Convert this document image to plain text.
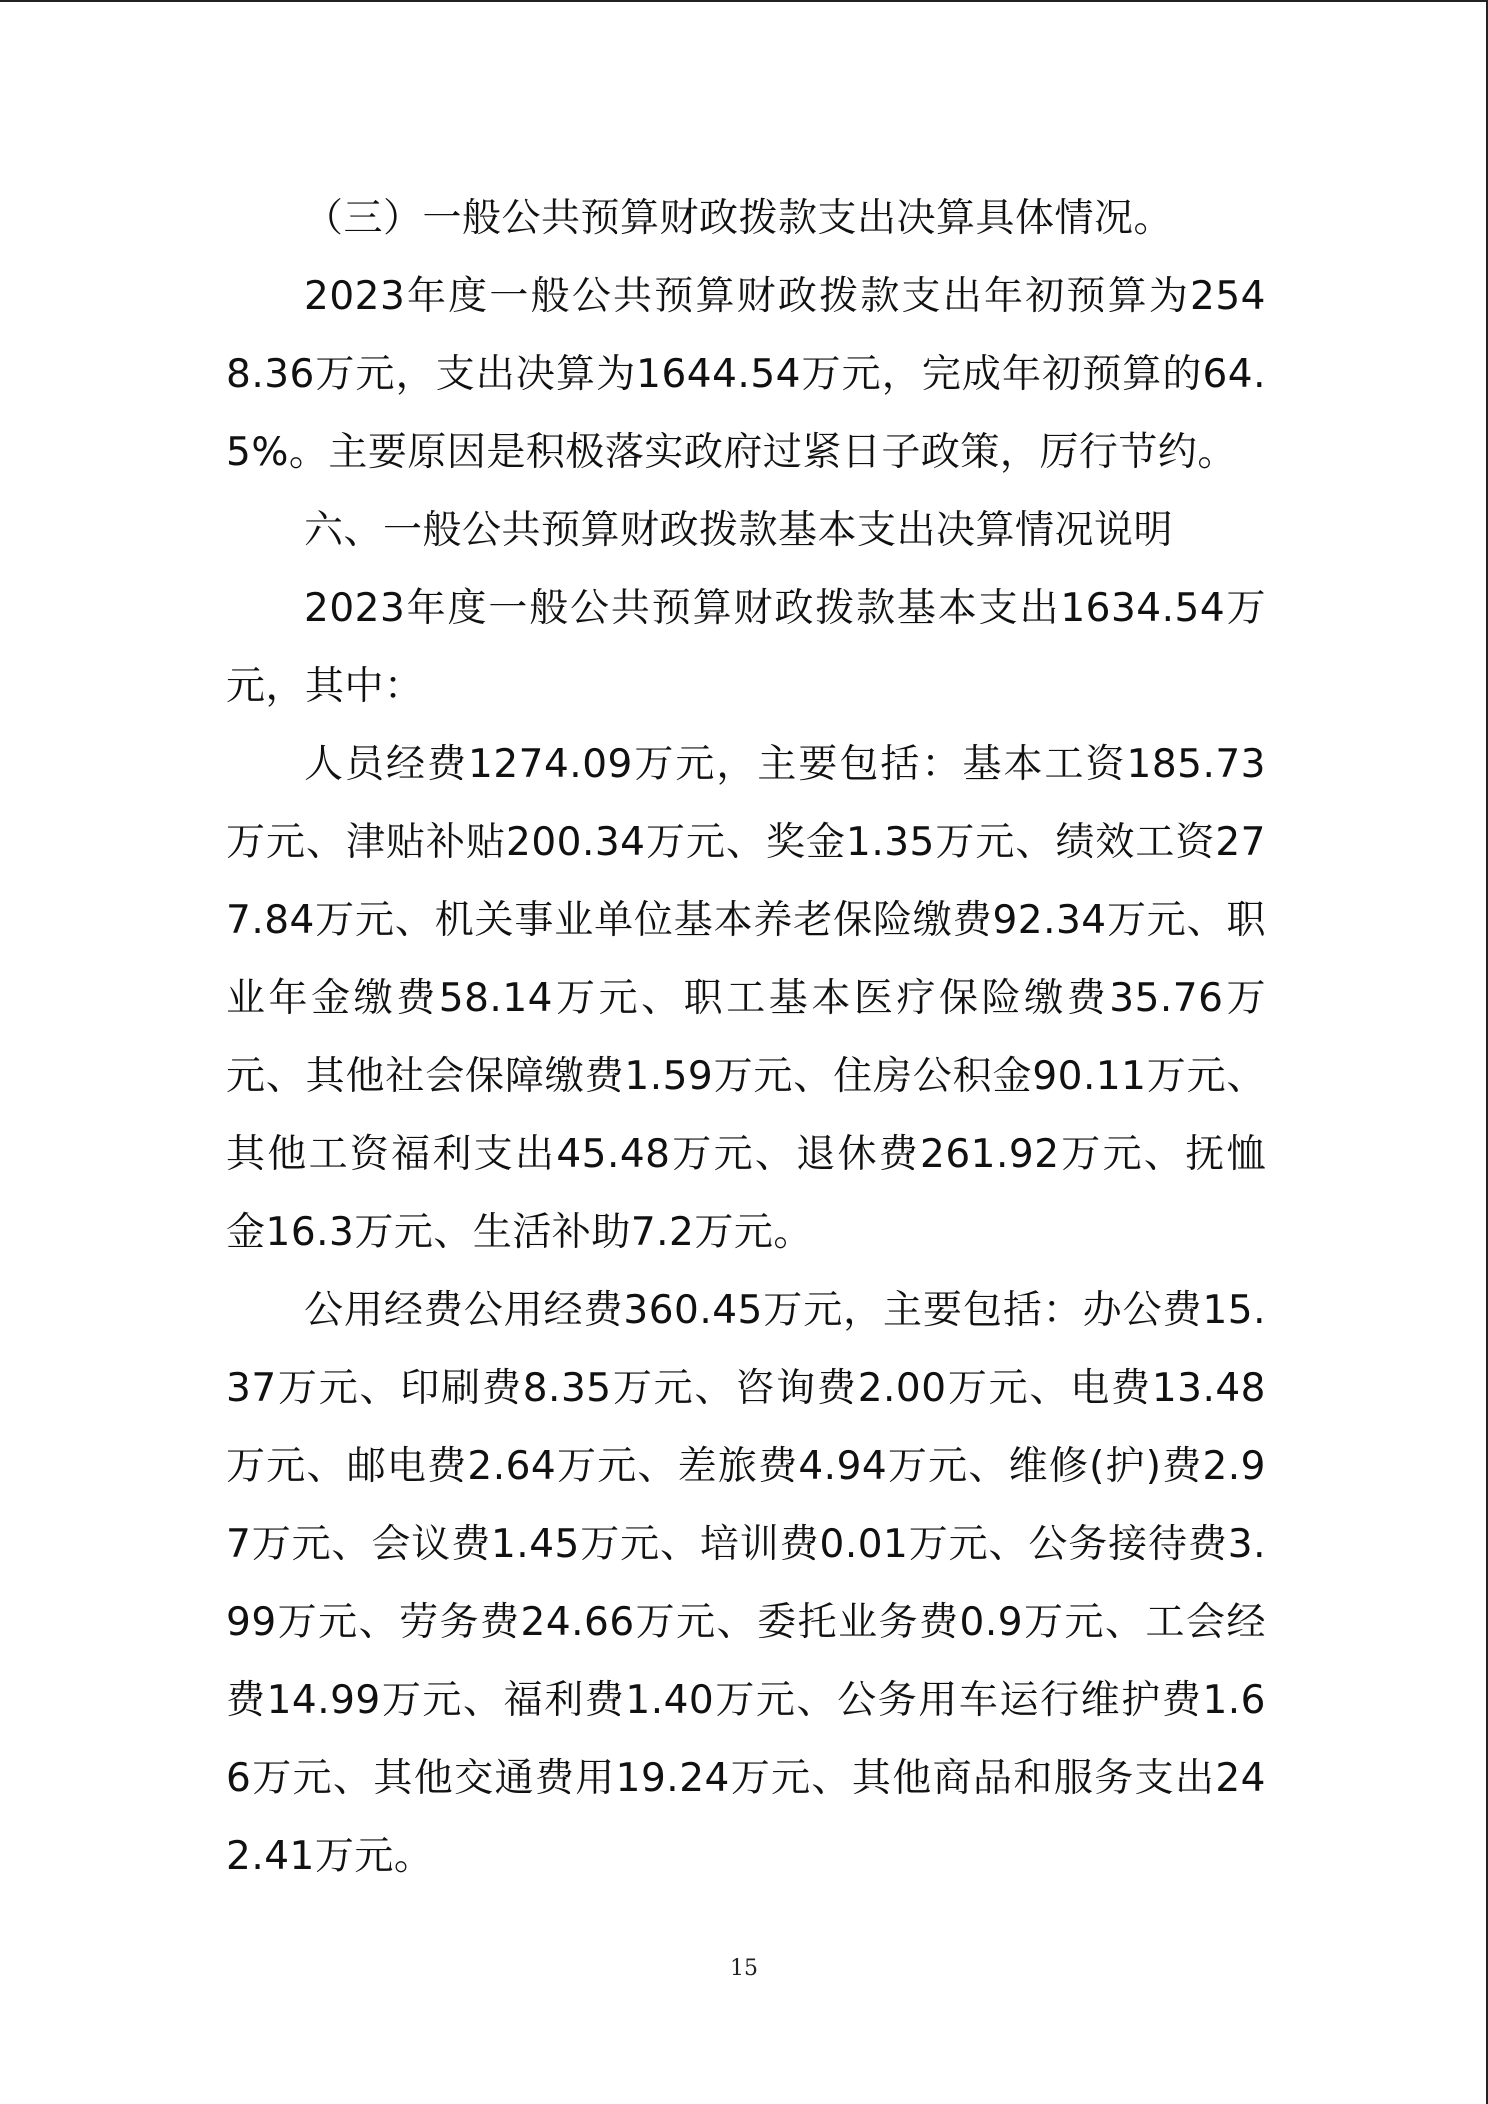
（三）一般公共预算财政拨款支出决算具体情况。

2023年度一般公共预算财政拨款支出年初预算为2548.36万元，支出决算为1644.54万元，完成年初预算的64.5%。主要原因是积极落实政府过紧日子政策，厉行节约。

六、一般公共预算财政拨款基本支出决算情况说明

2023年度一般公共预算财政拨款基本支出1634.54万元，其中：

人员经费1274.09万元，主要包括：基本工资185.73万元、津贴补贴200.34万元、奖金1.35万元、绩效工资277.84万元、机关事业单位基本养老保险缴费92.34万元、职业年金缴费58.14万元、职工基本医疗保险缴费35.76万元、其他社会保障缴费1.59万元、住房公积金90.11万元、其他工资福利支出45.48万元、退休费261.92万元、抚恤金16.3万元、生活补助7.2万元。

公用经费公用经费360.45万元，主要包括：办公费15.37万元、印刷费8.35万元、咨询费2.00万元、电费13.48万元、邮电费2.64万元、差旅费4.94万元、维修(护)费2.97万元、会议费1.45万元、培训费0.01万元、公务接待费3.99万元、劳务费24.66万元、委托业务费0.9万元、工会经费14.99万元、福利费1.40万元、公务用车运行维护费1.66万元、其他交通费用19.24万元、其他商品和服务支出242.41万元。

15
